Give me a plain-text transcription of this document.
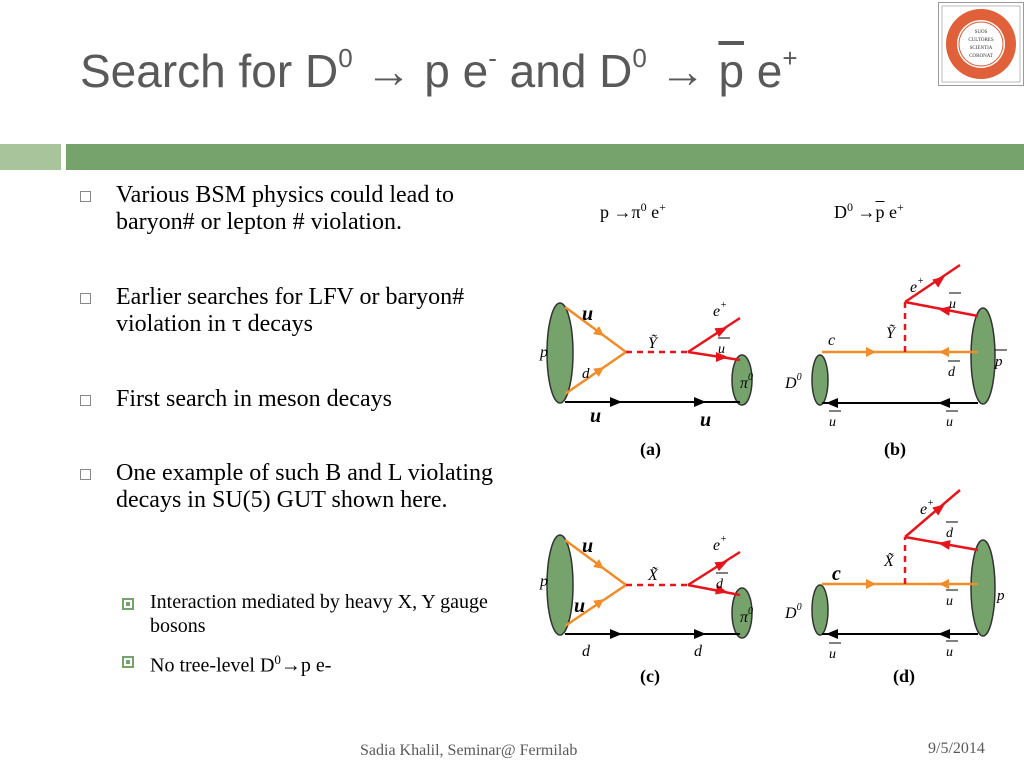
Search for $D^0 \to p$ e- and $D^0 \to \overline{p}$ e+
SUOS
CULTORES
SCIENTIA
CORONAT
Various BSM physics could lead to baryon# or lepton # violation.
Earlier searches for LFV or baryon# violation in τ decays
First search in meson decays
One example of such B and L violating decays in SU(5) GUT shown here.
Interaction mediated by heavy X, Y gauge bosons
No tree-level $D^0\to p$ e-
$p \to\pi^0$ e+	$D^0 \to\overline{p}$ e+
p
u
d
u	u
Ỹ
e+
u
$\pi^0$
(a)
c
$D^0$
Ỹ
e+
u
d
p
u	u
(b)
p
u
u
d	d
X̃
e+
d
$\pi^0$
(c)
c
$D^0$
X̃
e+
d
u	p
u	u
(d)
Sadia Khalil, Seminar@ Fermilab	9/5/2014
